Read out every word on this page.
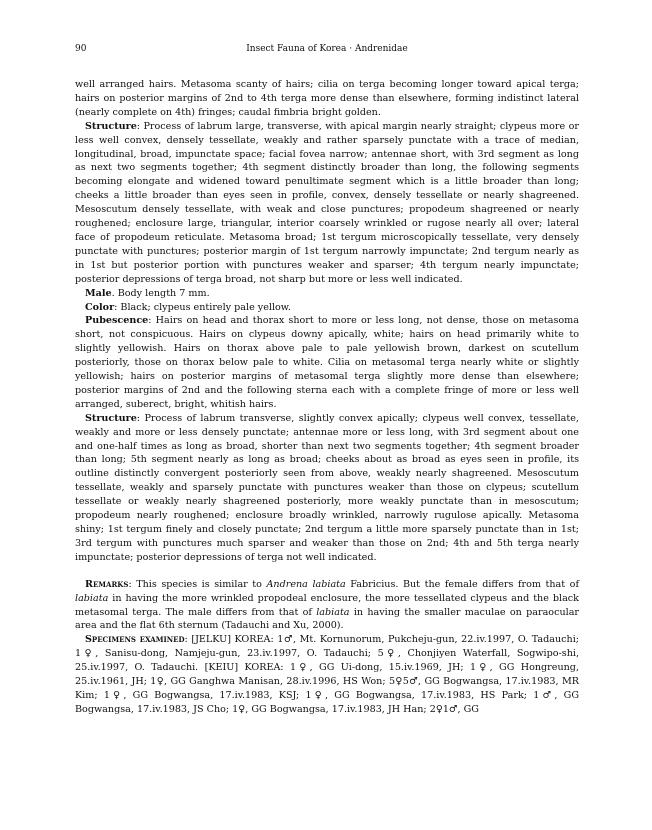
90	Insect Fauna of Korea · Andrenidae

well arranged hairs. Metasoma scanty of hairs; cilia on terga becoming longer toward apical terga; hairs on posterior margins of 2nd to 4th terga more dense than elsewhere, forming indistinct lateral (nearly complete on 4th) fringes; caudal fimbria bright golden.

Structure: Process of labrum large, transverse, with apical margin nearly straight; clypeus more or less well convex, densely tessellate, weakly and rather sparsely punctate with a trace of median, longitudinal, broad, impunctate space; facial fovea narrow; antennae short, with 3rd segment as long as next two segments together; 4th segment distinctly broader than long, the following segments becoming elongate and widened toward penultimate segment which is a little broader than long; cheeks a little broader than eyes seen in profile, convex, densely tessellate or nearly shagreened. Mesoscutum densely tessellate, with weak and close punctures; propodeum shagreened or nearly roughened; enclosure large, triangular, interior coarsely wrinkled or rugose nearly all over; lateral face of propodeum reticulate. Metasoma broad; 1st tergum microscopically tessellate, very densely punctate with punctures; posterior margin of 1st tergum narrowly impunctate; 2nd tergum nearly as in 1st but posterior portion with punctures weaker and sparser; 4th tergum nearly impunctate; posterior depressions of terga broad, not sharp but more or less well indicated.

Male. Body length 7 mm.

Color: Black; clypeus entirely pale yellow.

Pubescence: Hairs on head and thorax short to more or less long, not dense, those on metasoma short, not conspicuous. Hairs on clypeus downy apically, white; hairs on head primarily white to slightly yellowish. Hairs on thorax above pale to pale yellowish brown, darkest on scutellum posteriorly, those on thorax below pale to white. Cilia on metasomal terga nearly white or slightly yellowish; hairs on posterior margins of metasomal terga slightly more dense than elsewhere; posterior margins of 2nd and the following sterna each with a complete fringe of more or less well arranged, suberect, bright, whitish hairs.

Structure: Process of labrum transverse, slightly convex apically; clypeus well convex, tessellate, weakly and more or less densely punctate; antennae more or less long, with 3rd segment about one and one-half times as long as broad, shorter than next two segments together; 4th segment broader than long; 5th segment nearly as long as broad; cheeks about as broad as eyes seen in profile, its outline distinctly convergent posteriorly seen from above, weakly nearly shagreened. Mesoscutum tessellate, weakly and sparsely punctate with punctures weaker than those on clypeus; scutellum tessellate or weakly nearly shagreened posteriorly, more weakly punctate than in mesoscutum; propodeum nearly roughened; enclosure broadly wrinkled, narrowly rugulose apically. Metasoma shiny; 1st tergum finely and closely punctate; 2nd tergum a little more sparsely punctate than in 1st; 3rd tergum with punctures much sparser and weaker than those on 2nd; 4th and 5th terga nearly impunctate; posterior depressions of terga not well indicated.

Remarks: This species is similar to Andrena labiata Fabricius. But the female differs from that of labiata in having the more wrinkled propodeal enclosure, the more tessellated clypeus and the black metasomal terga. The male differs from that of labiata in having the smaller maculae on paraocular area and the flat 6th sternum (Tadauchi and Xu, 2000).

Specimens examined: [JELKU] KOREA: 1♂, Mt. Kornunorum, Pukcheju-gun, 22.iv.1997, O. Tadauchi; 1♀, Sanisu-dong, Namjeju-gun, 23.iv.1997, O. Tadauchi; 5♀, Chonjiyen Waterfall, Sogwipo-shi, 25.iv.1997, O. Tadauchi. [KEIU] KOREA: 1♀, GG Ui-dong, 15.iv.1969, JH; 1♀, GG Hongreung, 25.iv.1961, JH; 1♀, GG Ganghwa Manisan, 28.iv.1996, HS Won; 5♀5♂, GG Bogwangsa, 17.iv.1983, MR Kim; 1♀, GG Bogwangsa, 17.iv.1983, KSJ; 1♀, GG Bogwangsa, 17.iv.1983, HS Park; 1♂, GG Bogwangsa, 17.iv.1983, JS Cho; 1♀, GG Bogwangsa, 17.iv.1983, JH Han; 2♀1♂, GG
